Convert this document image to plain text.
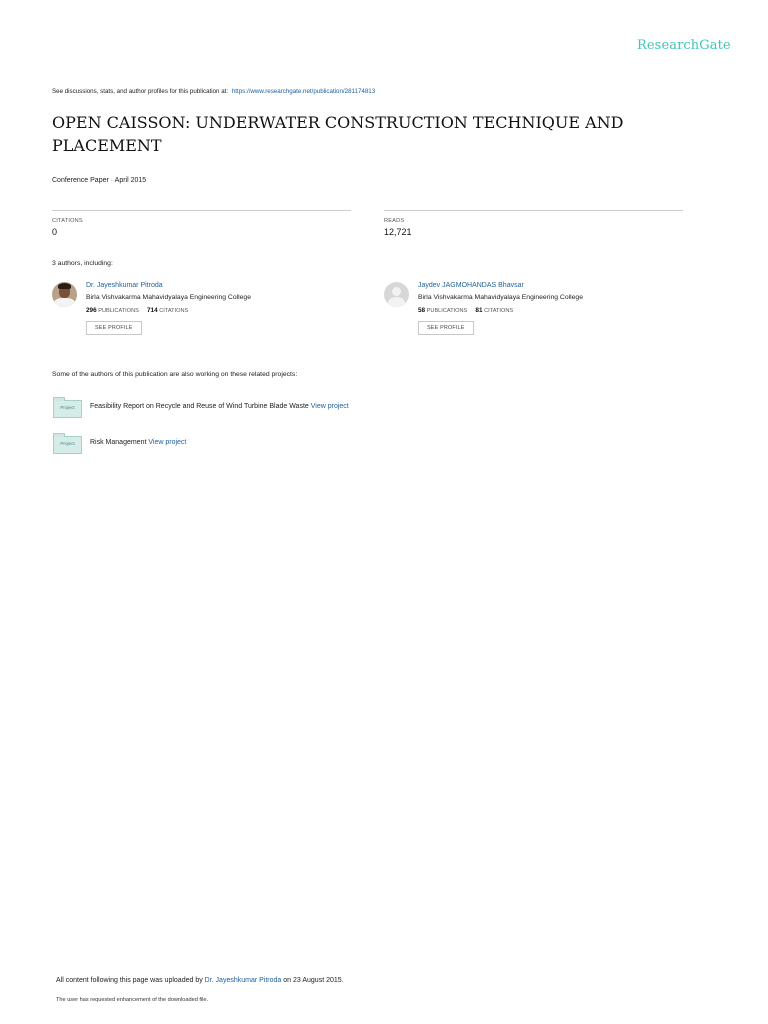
ResearchGate
See discussions, stats, and author profiles for this publication at: https://www.researchgate.net/publication/281174813
OPEN CAISSON: UNDERWATER CONSTRUCTION TECHNIQUE AND PLACEMENT
Conference Paper · April 2015
CITATIONS
0
READS
12,721
3 authors, including:
Dr. Jayeshkumar Pitroda
Birla Vishvakarma Mahavidyalaya Engineering College
296 PUBLICATIONS 714 CITATIONS
SEE PROFILE
Jaydev JAGMOHANDAS Bhavsar
Birla Vishvakarma Mahavidyalaya Engineering College
58 PUBLICATIONS 81 CITATIONS
SEE PROFILE
Some of the authors of this publication are also working on these related projects:
Project	Feasibility Report on Recycle and Reuse of Wind Turbine Blade Waste View project
Project	Risk Management View project
All content following this page was uploaded by Dr. Jayeshkumar Pitroda on 23 August 2015.
The user has requested enhancement of the downloaded file.
